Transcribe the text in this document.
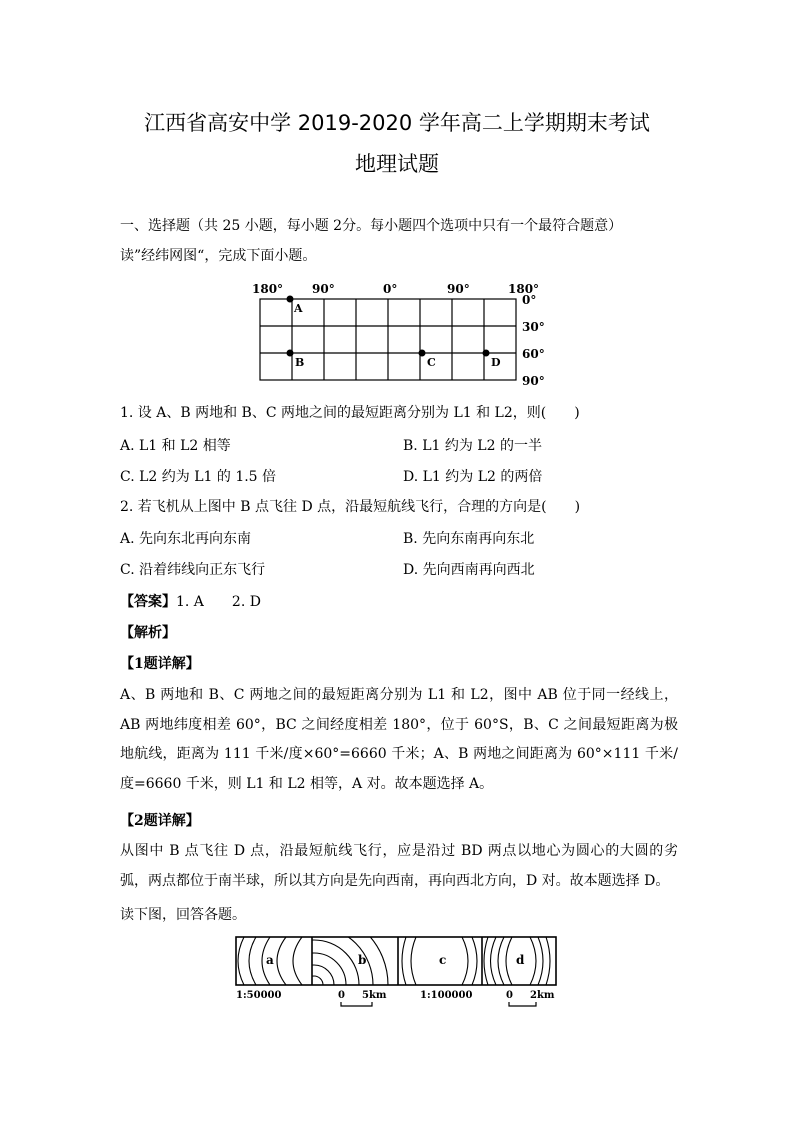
江西省高安中学 2019-2020 学年高二上学期期末考试
地理试题
一、选择题（共 25 小题，每小题 2分。每小题四个选项中只有一个最符合题意）
读”经纬网图“，完成下面小题。
180° 90°	0°	90°	180°
0°
30°
60°
90°
A
B	C	D
1. 设 A、B 两地和 B、C 两地之间的最短距离分别为 L1 和 L2，则(　　)
A. L1 和 L2 相等	B. L1 约为 L2 的一半
C. L2 约为 L1 的 1.5 倍	D. L1 约为 L2 的两倍
2. 若飞机从上图中 B 点飞往 D 点，沿最短航线飞行，合理的方向是(　　)
A. 先向东北再向东南	B. 先向东南再向东北
C. 沿着纬线向正东飞行	D. 先向西南再向西北
【答案】1. A　　2. D
【解析】
【1题详解】
A、B 两地和 B、C 两地之间的最短距离分别为 L1 和 L2，图中 AB 位于同一经线上，AB 两地纬度相差 60°，BC 之间经度相差 180°，位于 60°S，B、C 之间最短距离为极地航线，距离为 111 千米/度×60°=6660 千米；A、B 两地之间距离为 60°×111 千米/度=6660 千米，则 L1 和 L2 相等，A 对。故本题选择 A。
【2题详解】
从图中 B 点飞往 D 点，沿最短航线飞行，应是沿过 BD 两点以地心为圆心的大圆的劣弧，两点都位于南半球，所以其方向是先向西南，再向西北方向，D 对。故本题选择 D。
读下图，回答各题。
a	b	c	d
1:50000	0 5km	1:100000	0 2km
